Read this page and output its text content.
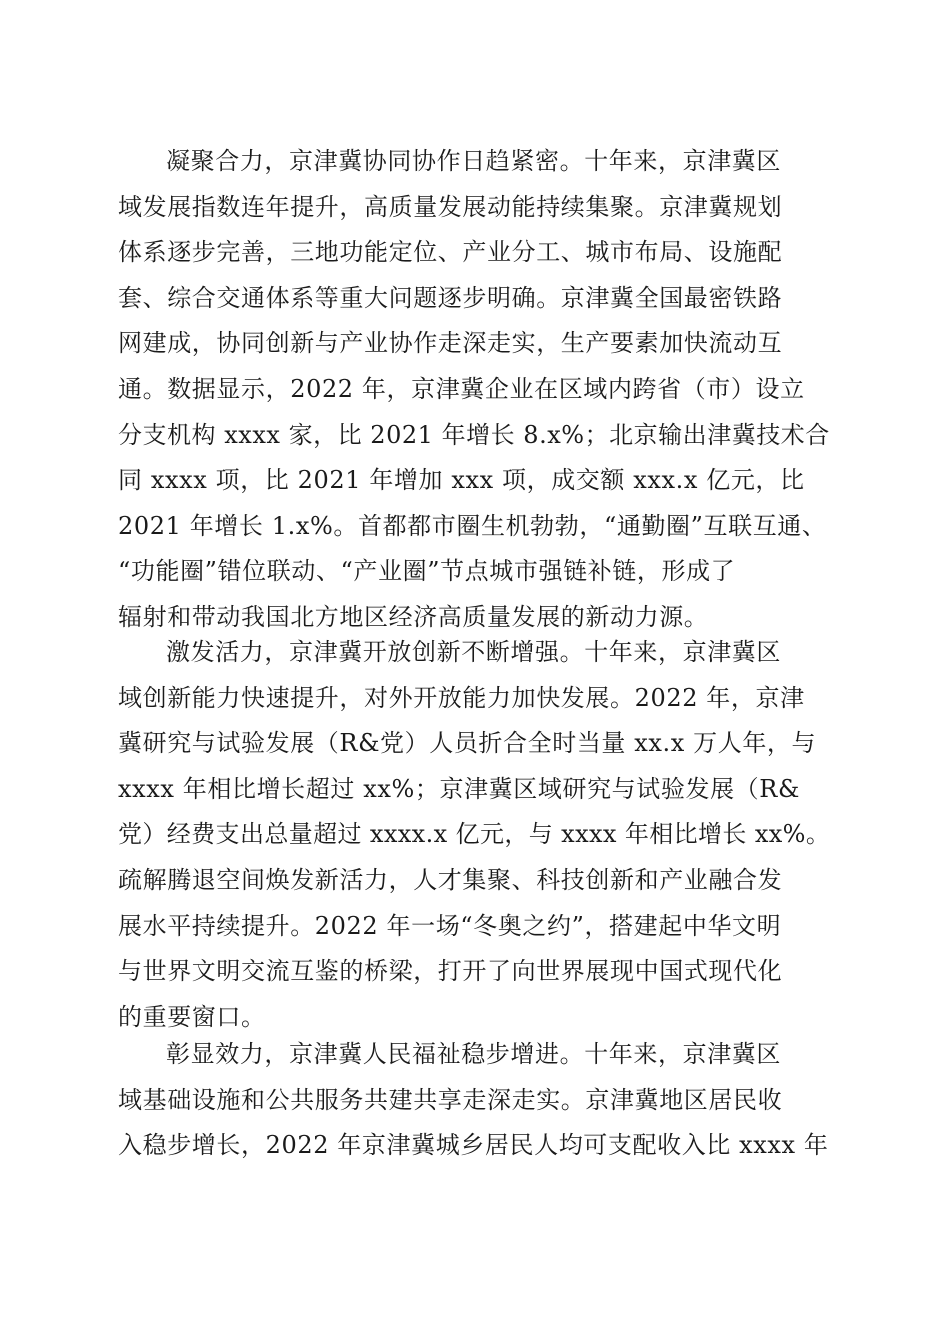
凝聚合力，京津冀协同协作日趋紧密。十年来，京津冀区
域发展指数连年提升，高质量发展动能持续集聚。京津冀规划
体系逐步完善，三地功能定位、产业分工、城市布局、设施配
套、综合交通体系等重大问题逐步明确。京津冀全国最密铁路
网建成，协同创新与产业协作走深走实，生产要素加快流动互
通。数据显示，2022 年，京津冀企业在区域内跨省（市）设立
分支机构 xxxx 家，比 2021 年增长 8.x%；北京输出津冀技术合
同 xxxx 项，比 2021 年增加 xxx 项，成交额 xxx.x 亿元，比
2021 年增长 1.x%。首都都市圈生机勃勃，“通勤圈”互联互通、
“功能圈”错位联动、“产业圈”节点城市强链补链，形成了
辐射和带动我国北方地区经济高质量发展的新动力源。
激发活力，京津冀开放创新不断增强。十年来，京津冀区
域创新能力快速提升，对外开放能力加快发展。2022 年，京津
冀研究与试验发展（R&党）人员折合全时当量 xx.x 万人年，与
xxxx 年相比增长超过 xx%；京津冀区域研究与试验发展（R&
党）经费支出总量超过 xxxx.x 亿元，与 xxxx 年相比增长 xx%。
疏解腾退空间焕发新活力，人才集聚、科技创新和产业融合发
展水平持续提升。2022 年一场“冬奥之约”，搭建起中华文明
与世界文明交流互鉴的桥梁，打开了向世界展现中国式现代化
的重要窗口。
彰显效力，京津冀人民福祉稳步增进。十年来，京津冀区
域基础设施和公共服务共建共享走深走实。京津冀地区居民收
入稳步增长，2022 年京津冀城乡居民人均可支配收入比 xxxx 年
